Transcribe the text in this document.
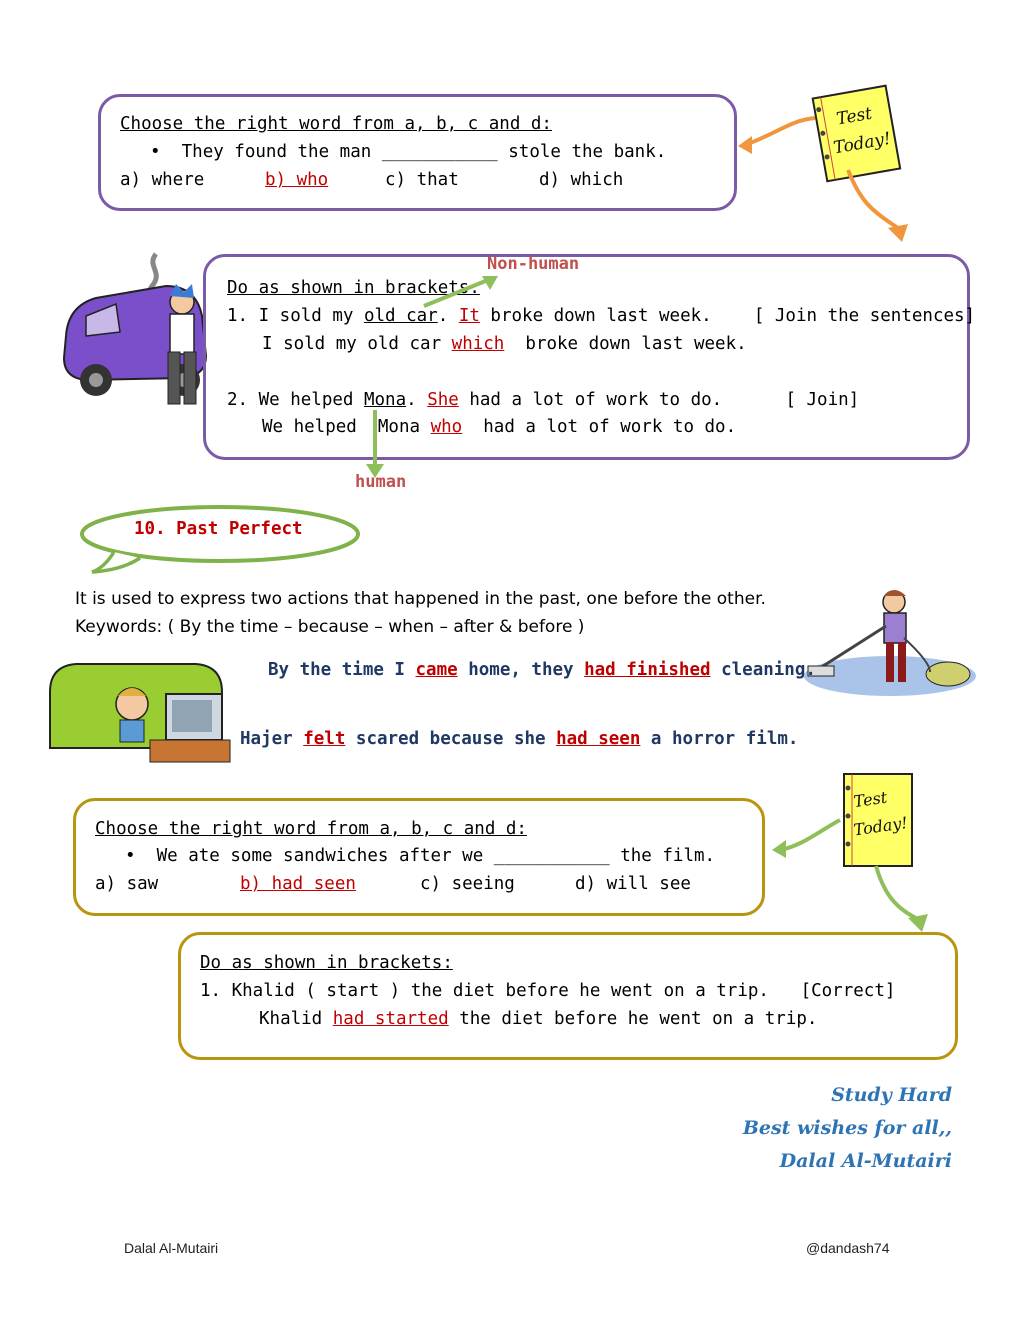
Choose the right word from a, b, c and d:
• They found the man ___________ stole the bank.
a) where	b) who	c) that	d) which
Test
Today!
Do as shown in brackets:
Non-human
1. I sold my old car. It broke down last week.    [ Join the sentences]
I sold my old car which  broke down last week.
2. We helped Mona. She had a lot of work to do.      [ Join]
We helped  Mona who  had a lot of work to do.
human
10. Past Perfect
It is used to express two actions that happened in the past, one before the other.
Keywords: ( By the time – because – when – after & before )
By the time I came home, they had finished cleaning.
Hajer felt scared because she had seen a horror film.
Choose the right word from a, b, c and d:
• We ate some sandwiches after we ___________ the film.
a) saw	b) had seen	c) seeing	d) will see
Test
Today!
Do as shown in brackets:
1. Khalid ( start ) the diet before he went on a trip.   [Correct]
Khalid had started the diet before he went on a trip.
Study Hard
Best wishes for all,,
Dalal Al-Mutairi
Dalal Al-Mutairi	@dandash74
